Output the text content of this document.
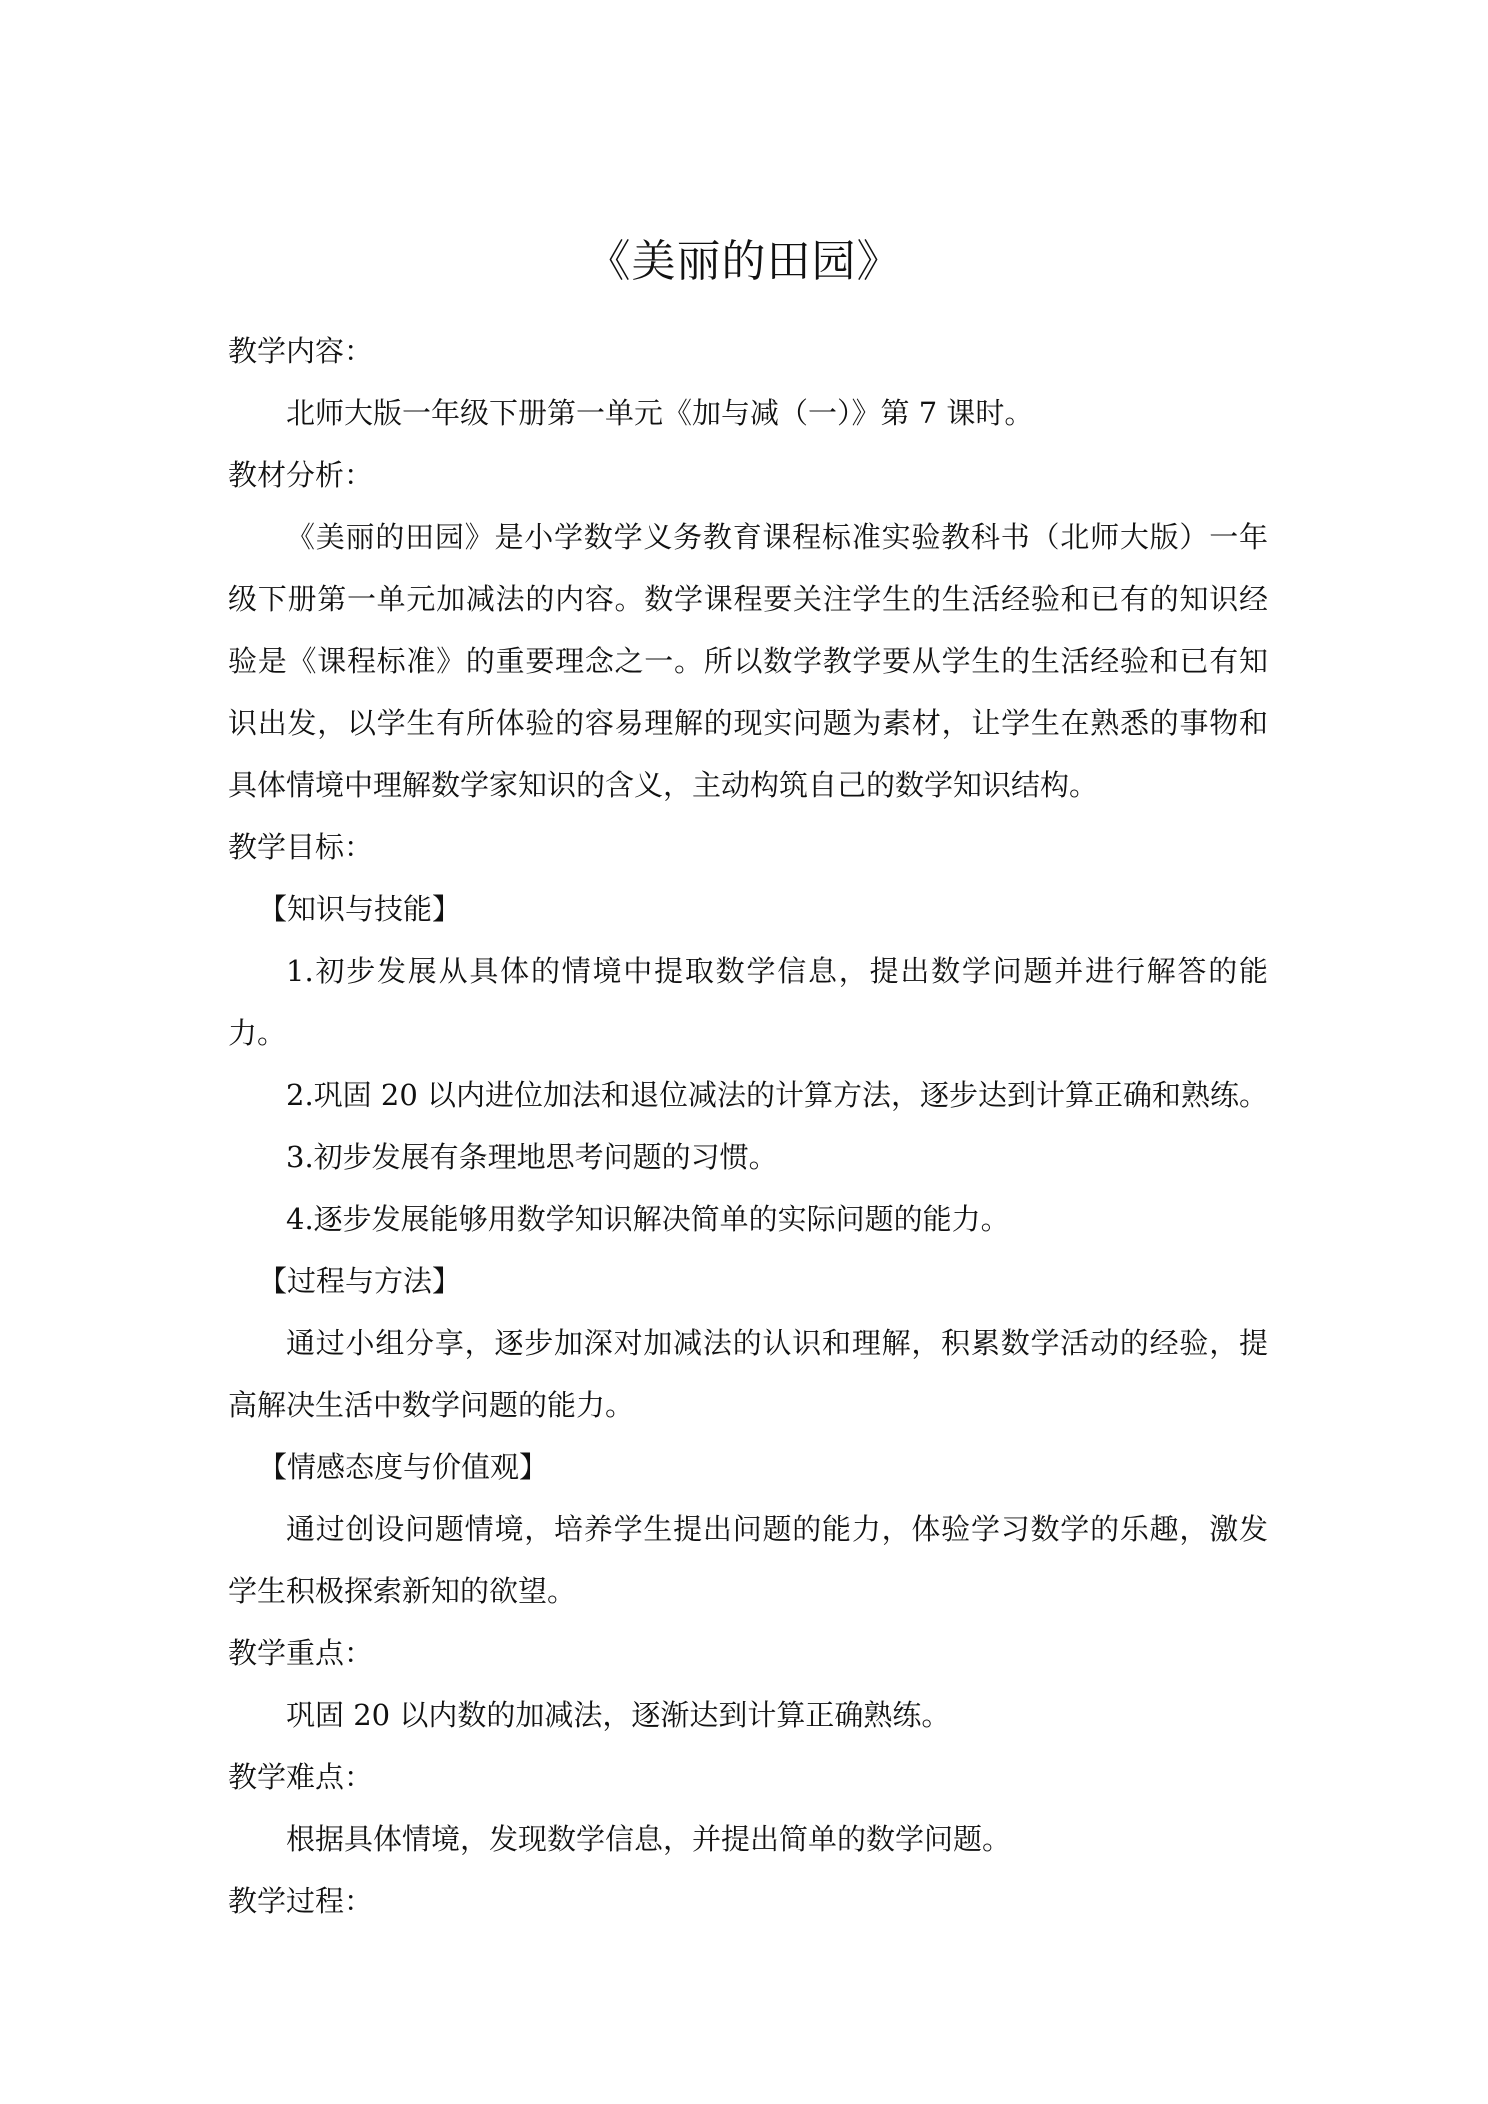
《美丽的田园》

教学内容：

北师大版一年级下册第一单元《加与减（一）》第 7 课时。

教材分析：

《美丽的田园》是小学数学义务教育课程标准实验教科书（北师大版）一年级下册第一单元加减法的内容。数学课程要关注学生的生活经验和已有的知识经验是《课程标准》的重要理念之一。所以数学教学要从学生的生活经验和已有知识出发，以学生有所体验的容易理解的现实问题为素材，让学生在熟悉的事物和具体情境中理解数学家知识的含义，主动构筑自己的数学知识结构。

教学目标：

【知识与技能】

1.初步发展从具体的情境中提取数学信息，提出数学问题并进行解答的能力。

2.巩固 20 以内进位加法和退位减法的计算方法，逐步达到计算正确和熟练。

3.初步发展有条理地思考问题的习惯。

4.逐步发展能够用数学知识解决简单的实际问题的能力。

【过程与方法】

通过小组分享，逐步加深对加减法的认识和理解，积累数学活动的经验，提高解决生活中数学问题的能力。

【情感态度与价值观】

通过创设问题情境，培养学生提出问题的能力，体验学习数学的乐趣，激发学生积极探索新知的欲望。

教学重点：

巩固 20 以内数的加减法，逐渐达到计算正确熟练。

教学难点：

根据具体情境，发现数学信息，并提出简单的数学问题。

教学过程：
